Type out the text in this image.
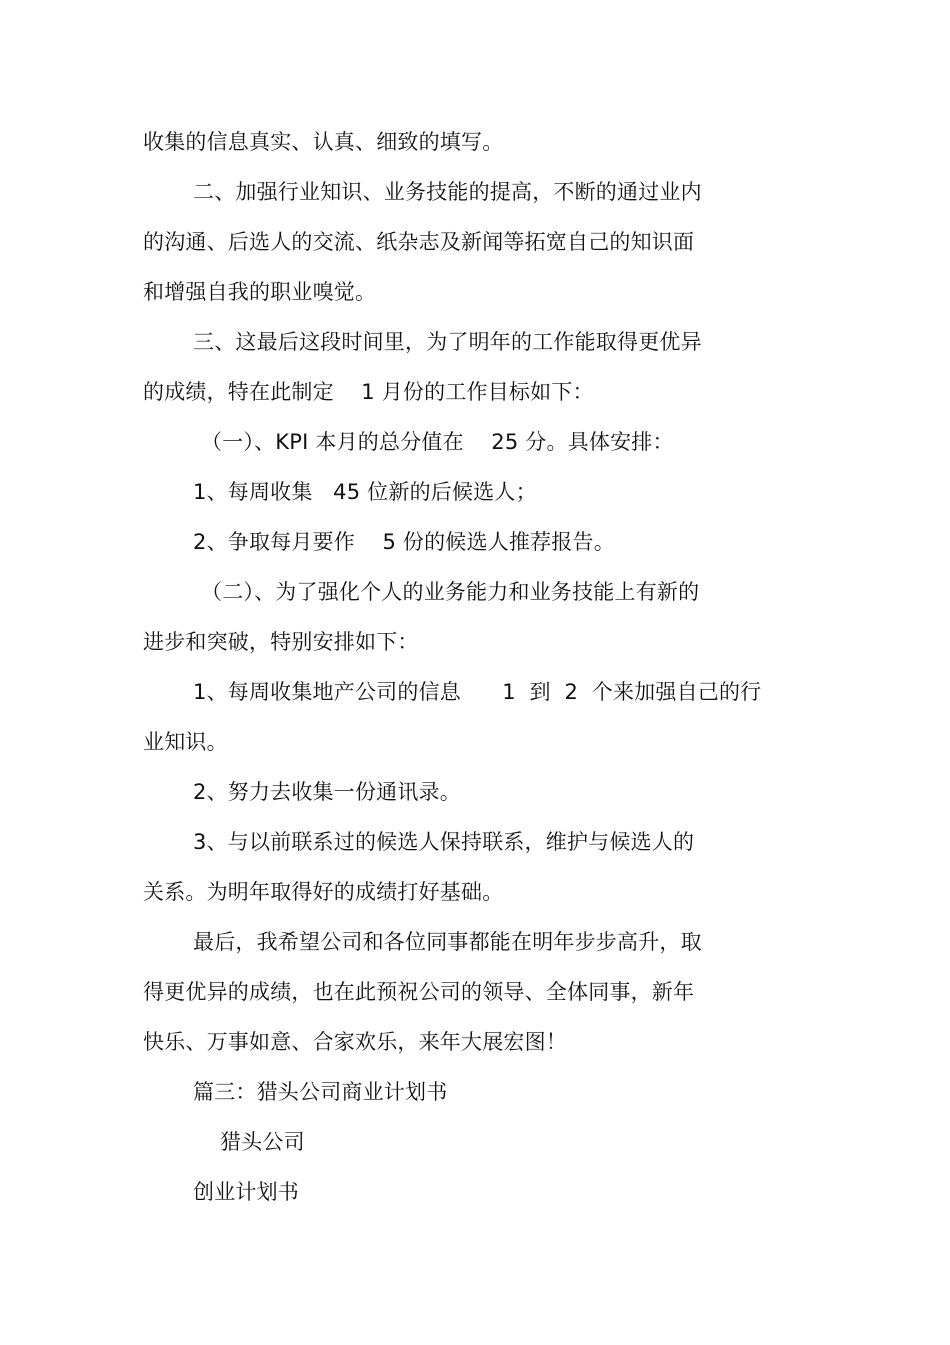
收集的信息真实、认真、细致的填写。
二、加强行业知识、业务技能的提高，不断的通过业内
的沟通、后选人的交流、纸杂志及新闻等拓宽自己的知识面
和增强自我的职业嗅觉。
三、这最后这段时间里，为了明年的工作能取得更优异
的成绩，特在此制定    1 月份的工作目标如下：
（一）、KPI 本月的总分值在    25 分。具体安排：
1、每周收集   45 位新的后候选人；
2、争取每月要作    5 份的候选人推荐报告。
（二）、为了强化个人的业务能力和业务技能上有新的
进步和突破，特别安排如下：
1、每周收集地产公司的信息      1  到  2  个来加强自己的行
业知识。
2、努力去收集一份通讯录。
3、与以前联系过的候选人保持联系，维护与候选人的
关系。为明年取得好的成绩打好基础。
最后，我希望公司和各位同事都能在明年步步高升，取
得更优异的成绩，也在此预祝公司的领导、全体同事，新年
快乐、万事如意、合家欢乐，来年大展宏图！
篇三：猎头公司商业计划书
猎头公司
创业计划书
